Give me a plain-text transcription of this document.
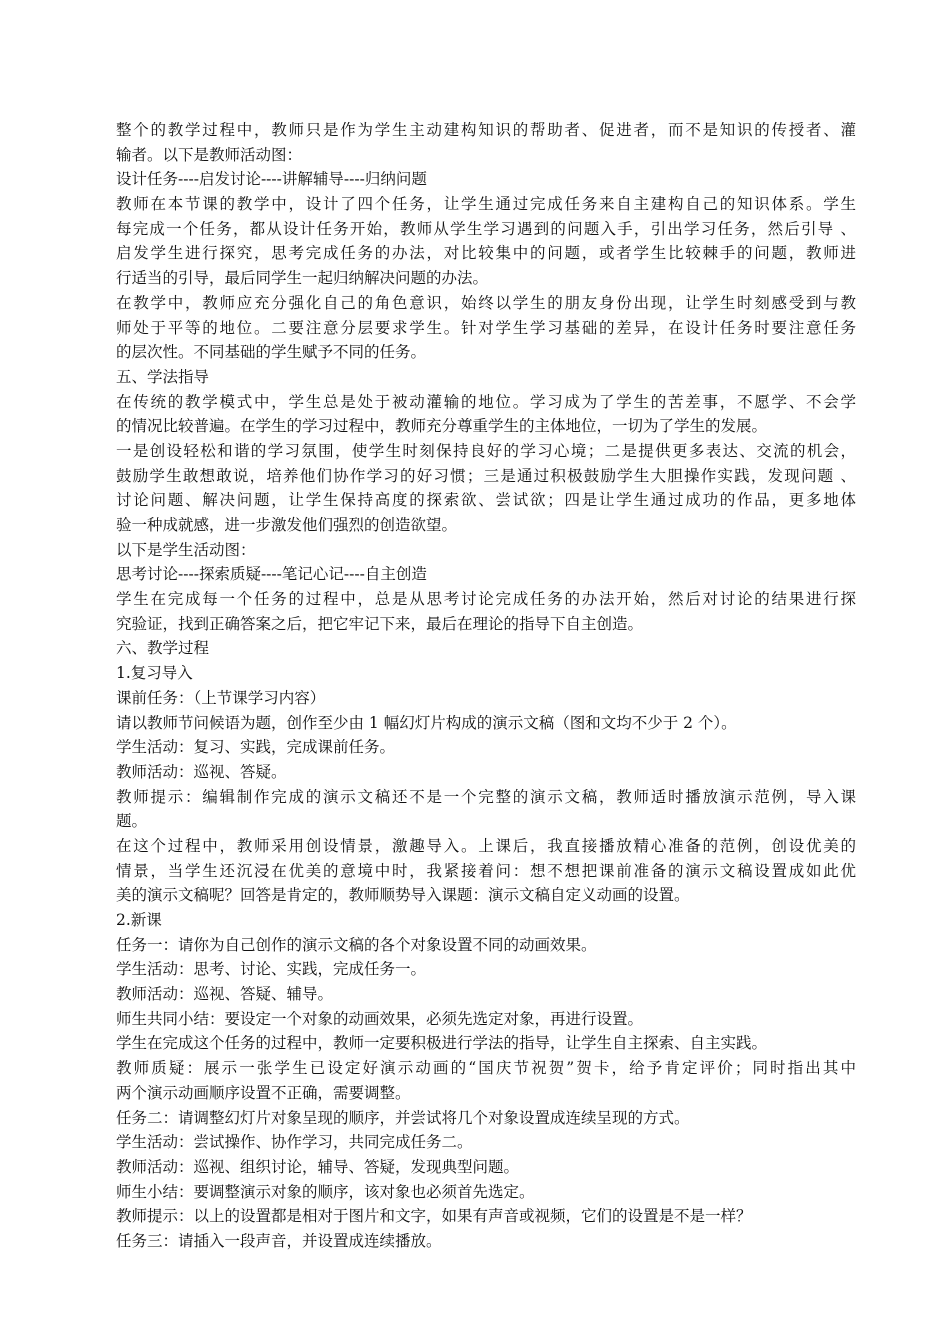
整个的教学过程中，教师只是作为学生主动建构知识的帮助者、促进者，而不是知识的传授者、灌
输者。以下是教师活动图：
设计任务----启发讨论----讲解辅导----归纳问题
教师在本节课的教学中，设计了四个任务，让学生通过完成任务来自主建构自己的知识体系。学生
每完成一个任务，都从设计任务开始，教师从学生学习遇到的问题入手，引出学习任务，然后引导 、
启发学生进行探究，思考完成任务的办法，对比较集中的问题，或者学生比较棘手的问题，教师进
行适当的引导，最后同学生一起归纳解决问题的办法。
在教学中，教师应充分强化自己的角色意识，始终以学生的朋友身份出现，让学生时刻感受到与教
师处于平等的地位。二要注意分层要求学生。针对学生学习基础的差异，在设计任务时要注意任务
的层次性。不同基础的学生赋予不同的任务。
五、学法指导
在传统的教学模式中，学生总是处于被动灌输的地位。学习成为了学生的苦差事，不愿学、不会学
的情况比较普遍。在学生的学习过程中，教师充分尊重学生的主体地位，一切为了学生的发展。
一是创设轻松和谐的学习氛围，使学生时刻保持良好的学习心境；二是提供更多表达、交流的机会，
鼓励学生敢想敢说，培养他们协作学习的好习惯；三是通过积极鼓励学生大胆操作实践，发现问题 、
讨论问题、解决问题，让学生保持高度的探索欲、尝试欲；四是让学生通过成功的作品，更多地体
验一种成就感，进一步激发他们强烈的创造欲望。
以下是学生活动图：
思考讨论----探索质疑----笔记心记----自主创造
学生在完成每一个任务的过程中，总是从思考讨论完成任务的办法开始，然后对讨论的结果进行探
究验证，找到正确答案之后，把它牢记下来，最后在理论的指导下自主创造。
六、教学过程
1.复习导入
课前任务：（上节课学习内容）
请以教师节问候语为题，创作至少由 1 幅幻灯片构成的演示文稿（图和文均不少于 2 个）。
学生活动：复习、实践，完成课前任务。
教师活动：巡视、答疑。
教师提示：编辑制作完成的演示文稿还不是一个完整的演示文稿，教师适时播放演示范例，导入课
题。
在这个过程中，教师采用创设情景，激趣导入。上课后，我直接播放精心准备的范例，创设优美的
情景，当学生还沉浸在优美的意境中时，我紧接着问：想不想把课前准备的演示文稿设置成如此优
美的演示文稿呢？回答是肯定的，教师顺势导入课题：演示文稿自定义动画的设置。
2.新课
任务一：请你为自己创作的演示文稿的各个对象设置不同的动画效果。
学生活动：思考、讨论、实践，完成任务一。
教师活动：巡视、答疑、辅导。
师生共同小结：要设定一个对象的动画效果，必须先选定对象，再进行设置。
学生在完成这个任务的过程中，教师一定要积极进行学法的指导，让学生自主探索、自主实践。
教师质疑：展示一张学生已设定好演示动画的“国庆节祝贺”贺卡，给予肯定评价；同时指出其中
两个演示动画顺序设置不正确，需要调整。
任务二：请调整幻灯片对象呈现的顺序，并尝试将几个对象设置成连续呈现的方式。
学生活动：尝试操作、协作学习，共同完成任务二。
教师活动：巡视、组织讨论，辅导、答疑，发现典型问题。
师生小结：要调整演示对象的顺序，该对象也必须首先选定。
教师提示：以上的设置都是相对于图片和文字，如果有声音或视频，它们的设置是不是一样？
任务三：请插入一段声音，并设置成连续播放。
